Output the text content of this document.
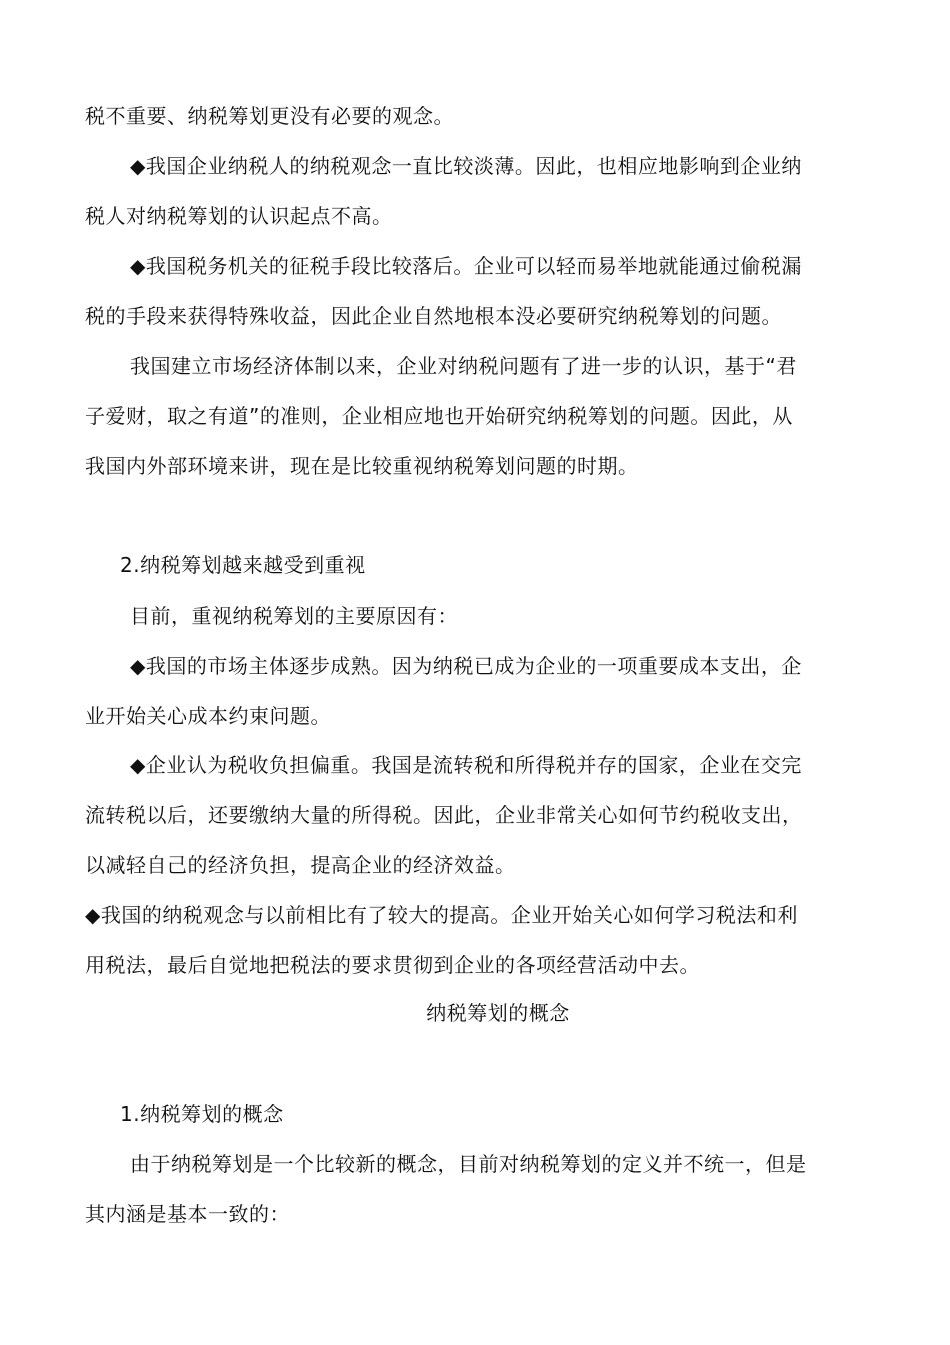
税不重要、纳税筹划更没有必要的观念。
◆我国企业纳税人的纳税观念一直比较淡薄。因此，也相应地影响到企业纳
税人对纳税筹划的认识起点不高。
◆我国税务机关的征税手段比较落后。企业可以轻而易举地就能通过偷税漏
税的手段来获得特殊收益，因此企业自然地根本没必要研究纳税筹划的问题。
我国建立市场经济体制以来，企业对纳税问题有了进一步的认识，基于“君
子爱财，取之有道”的准则，企业相应地也开始研究纳税筹划的问题。因此，从
我国内外部环境来讲，现在是比较重视纳税筹划问题的时期。
2.纳税筹划越来越受到重视
目前，重视纳税筹划的主要原因有：
◆我国的市场主体逐步成熟。因为纳税已成为企业的一项重要成本支出，企
业开始关心成本约束问题。
◆企业认为税收负担偏重。我国是流转税和所得税并存的国家，企业在交完
流转税以后，还要缴纳大量的所得税。因此，企业非常关心如何节约税收支出，
以减轻自己的经济负担，提高企业的经济效益。
◆我国的纳税观念与以前相比有了较大的提高。企业开始关心如何学习税法和利
用税法，最后自觉地把税法的要求贯彻到企业的各项经营活动中去。
纳税筹划的概念
1.纳税筹划的概念
由于纳税筹划是一个比较新的概念，目前对纳税筹划的定义并不统一，但是
其内涵是基本一致的：
